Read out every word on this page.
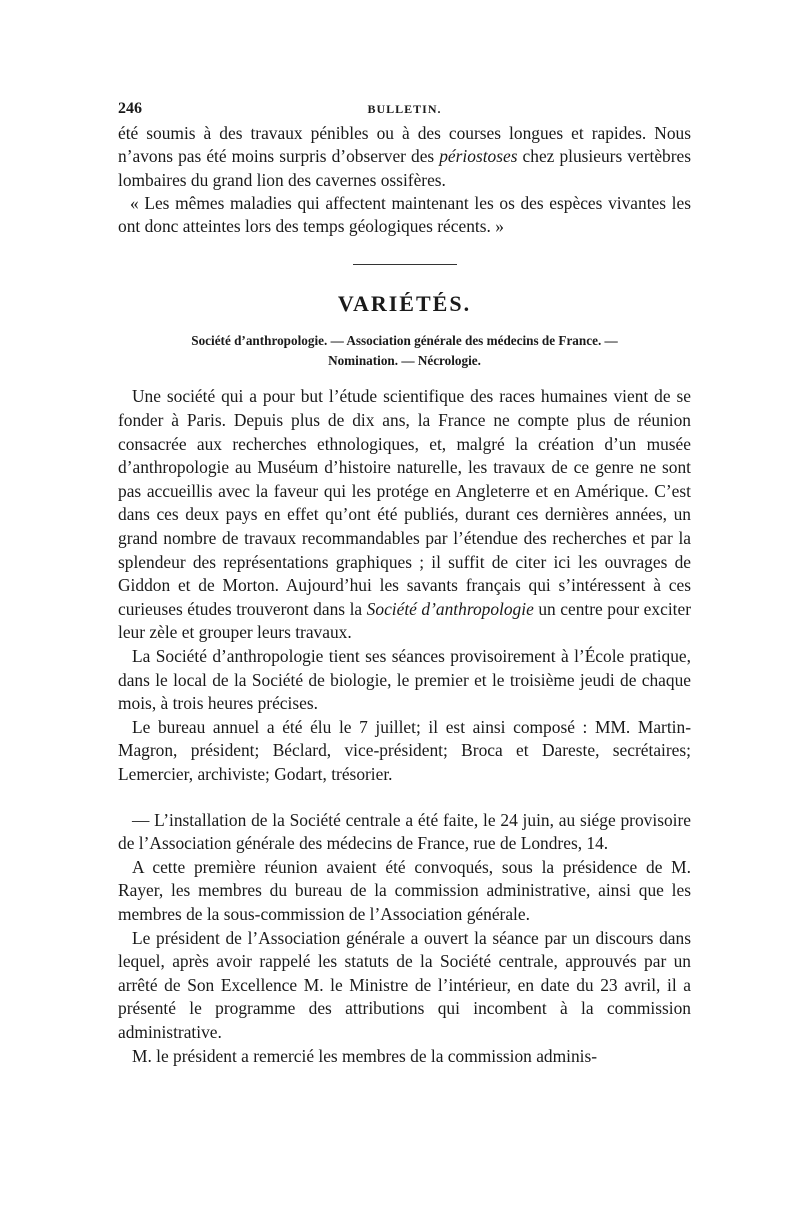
246	BULLETIN.

été soumis à des travaux pénibles ou à des courses longues et rapides. Nous n’avons pas été moins surpris d’observer des périostoses chez plusieurs vertèbres lombaires du grand lion des cavernes ossifères.

« Les mêmes maladies qui affectent maintenant les os des espèces vivantes les ont donc atteintes lors des temps géologiques récents. »

VARIÉTÉS.
Société d’anthropologie. — Association générale des médecins de France. —
Nomination. — Nécrologie.

Une société qui a pour but l’étude scientifique des races humaines vient de se fonder à Paris. Depuis plus de dix ans, la France ne compte plus de réunion consacrée aux recherches ethnologiques, et, malgré la création d’un musée d’anthropologie au Muséum d’histoire naturelle, les travaux de ce genre ne sont pas accueillis avec la faveur qui les protége en Angleterre et en Amérique. C’est dans ces deux pays en effet qu’ont été publiés, durant ces dernières années, un grand nombre de travaux recommandables par l’étendue des recherches et par la splendeur des représentations graphiques ; il suffit de citer ici les ouvrages de Giddon et de Morton. Aujourd’hui les savants français qui s’intéressent à ces curieuses études trouveront dans la Société d’anthropologie un centre pour exciter leur zèle et grouper leurs travaux.

La Société d’anthropologie tient ses séances provisoirement à l’École pratique, dans le local de la Société de biologie, le premier et le troisième jeudi de chaque mois, à trois heures précises.

Le bureau annuel a été élu le 7 juillet; il est ainsi composé : MM. Martin-Magron, président; Béclard, vice-président; Broca et Dareste, secrétaires; Lemercier, archiviste; Godart, trésorier.

— L’installation de la Société centrale a été faite, le 24 juin, au siége provisoire de l’Association générale des médecins de France, rue de Londres, 14.

A cette première réunion avaient été convoqués, sous la présidence de M. Rayer, les membres du bureau de la commission administrative, ainsi que les membres de la sous-commission de l’Association générale.

Le président de l’Association générale a ouvert la séance par un discours dans lequel, après avoir rappelé les statuts de la Société centrale, approuvés par un arrêté de Son Excellence M. le Ministre de l’intérieur, en date du 23 avril, il a présenté le programme des attributions qui incombent à la commission administrative.

M. le président a remercié les membres de la commission adminis-
